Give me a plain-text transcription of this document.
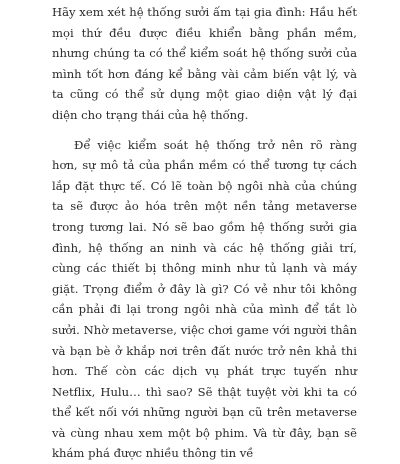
Hãy xem xét hệ thống sưởi ấm tại gia đình: Hầu hết mọi thứ đều được điều khiển bằng phần mềm, nhưng chúng ta có thể kiểm soát hệ thống sưởi của mình tốt hơn đáng kể bằng vài cảm biến vật lý, và ta cũng có thể sử dụng một giao diện vật lý đại diện cho trạng thái của hệ thống.

Để việc kiểm soát hệ thống trở nên rõ ràng hơn, sự mô tả của phần mềm có thể tương tự cách lắp đặt thực tế. Có lẽ toàn bộ ngôi nhà của chúng ta sẽ được ảo hóa trên một nền tảng metaverse trong tương lai. Nó sẽ bao gồm hệ thống sưởi gia đình, hệ thống an ninh và các hệ thống giải trí, cùng các thiết bị thông minh như tủ lạnh và máy giặt. Trọng điểm ở đây là gì? Có vẻ như tôi không cần phải đi lại trong ngôi nhà của mình để tắt lò sưởi. Nhờ metaverse, việc chơi game với người thân và bạn bè ở khắp nơi trên đất nước trở nên khả thi hơn. Thế còn các dịch vụ phát trực tuyến như Netflix, Hulu… thì sao? Sẽ thật tuyệt vời khi ta có thể kết nối với những người bạn cũ trên metaverse và cùng nhau xem một bộ phim. Và từ đây, bạn sẽ khám phá được nhiều thông tin về
